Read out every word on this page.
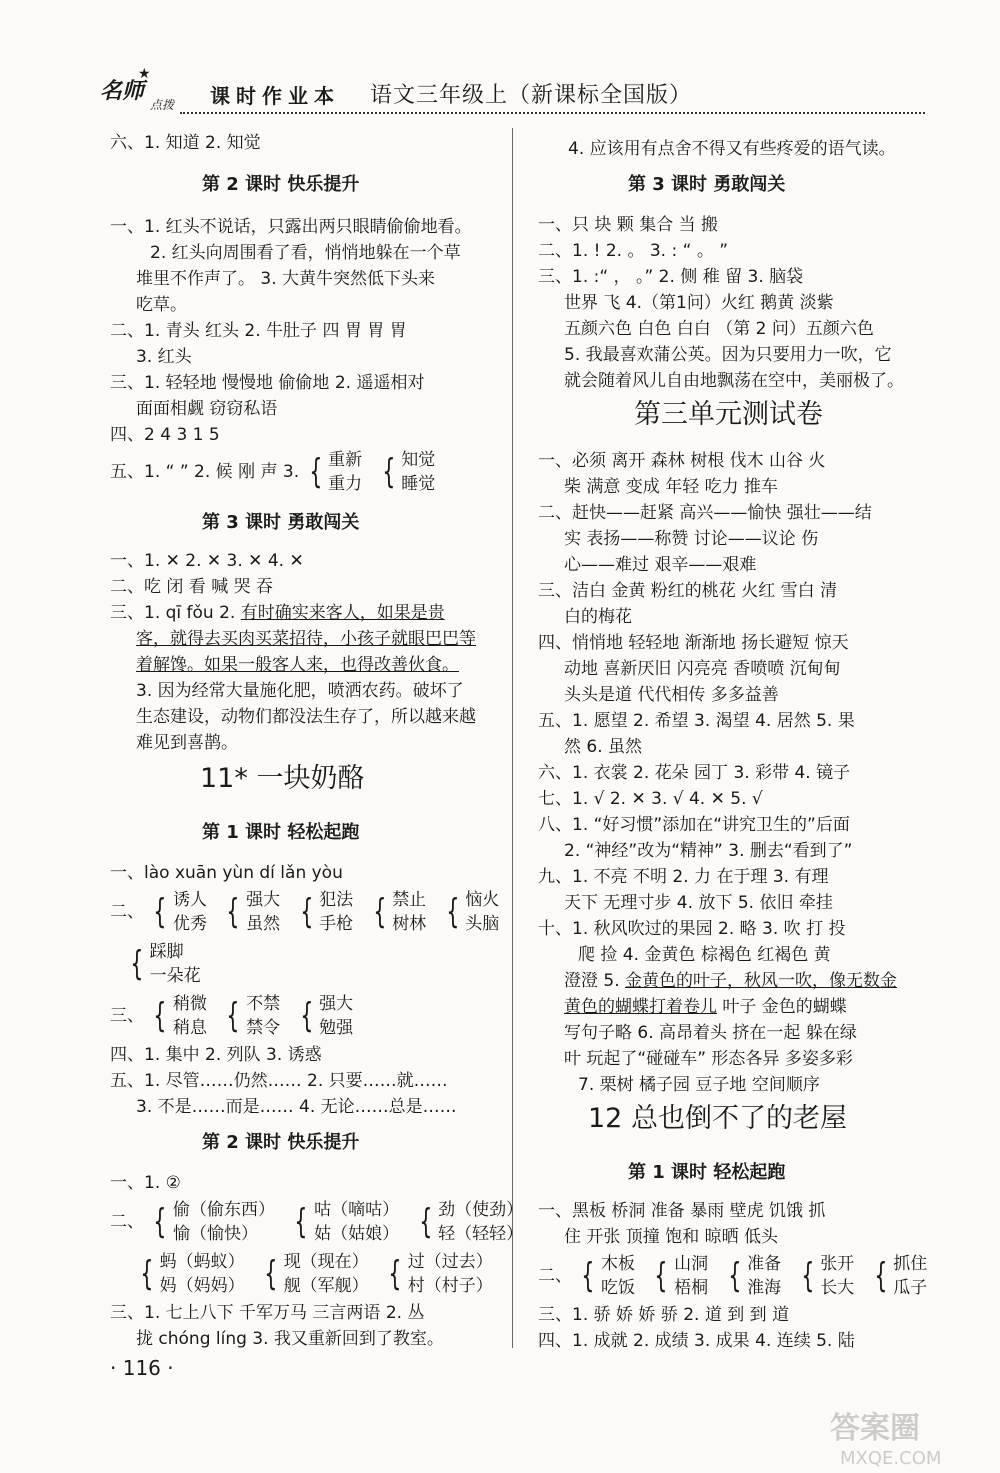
★
名师
点拨 课时作业本 语文三年级上（新课标全国版）
六、1. 知道 2. 知觉
第 2 课时 快乐提升
一、1. 红头不说话，只露出两只眼睛偷偷地看。
2. 红头向周围看了看，悄悄地躲在一个草
堆里不作声了。 3. 大黄牛突然低下头来
吃草。
二、1. 青头 红头 2. 牛肚子 四 胃 胃 胃
3. 红头
三、1. 轻轻地 慢慢地 偷偷地 2. 遥遥相对
面面相觑 窃窃私语
四、2 4 3 1 5
五、1. “ ” 2. 候 刚 声 3. { 重新
重力 { 知觉
睡觉
第 3 课时 勇敢闯关
一、1. ✕ 2. ✕ 3. ✕ 4. ✕
二、吃 闭 看 喊 哭 吞
三、1. qī fǒu 2. 有时确实来客人，如果是贵
客，就得去买肉买菜招待，小孩子就眼巴巴等
着解馋。如果一般客人来，也得改善伙食。
3. 因为经常大量施化肥，喷洒农药。破坏了
生态建设，动物们都没法生存了，所以越来越
难见到喜鹊。
11* 一块奶酪
第 1 课时 轻松起跑
一、lào xuān yùn dí lǎn yòu
二、 { 诱人
优秀 { 强大
虽然 { 犯法
手枪 { 禁止
树林 { 恼火
头脑
{ 踩脚
一朵花
三、 { 稍微
稍息 { 不禁
禁令 { 强大
勉强
四、1. 集中 2. 列队 3. 诱惑
五、1. 尽管……仍然…… 2. 只要……就……
3. 不是……而是…… 4. 无论……总是……
第 2 课时 快乐提升
一、1. ②
二、 { 偷（偷东西）
愉（愉快） { 咕（嘀咕）
姑（姑娘） { 劲（使劲）
轻（轻轻）
{ 蚂（蚂蚁）
妈（妈妈） { 现（现在）
舰（军舰） { 过（过去）
村（村子）
三、1. 七上八下 千军万马 三言两语 2. 丛
拢 chóng líng 3. 我又重新回到了教室。
4. 应该用有点舍不得又有些疼爱的语气读。
第 3 课时 勇敢闯关
一、只 块 颗 集合 当 搬
二、1. ! 2. 。 3. : “ 。 ”
三、1. :“ ， 。” 2. 侧 稚 留 3. 脑袋
世界 飞 4.（第1问）火红 鹅黄 淡紫
五颜六色 白色 白白 （第 2 问）五颜六色
5. 我最喜欢蒲公英。因为只要用力一吹，它
就会随着风儿自由地飘荡在空中，美丽极了。
第三单元测试卷
一、必须 离开 森林 树根 伐木 山谷 火
柴 满意 变成 年轻 吃力 推车
二、赶快——赶紧 高兴——愉快 强壮——结
实 表扬——称赞 讨论——议论 伤
心——难过 艰辛——艰难
三、洁白 金黄 粉红的桃花 火红 雪白 清
白的梅花
四、悄悄地 轻轻地 渐渐地 扬长避短 惊天
动地 喜新厌旧 闪亮亮 香喷喷 沉甸甸
头头是道 代代相传 多多益善
五、1. 愿望 2. 希望 3. 渴望 4. 居然 5. 果
然 6. 虽然
六、1. 衣裳 2. 花朵 园丁 3. 彩带 4. 镜子
七、1. √ 2. ✕ 3. √ 4. ✕ 5. √
八、1. “好习惯”添加在“讲究卫生的”后面
2. “神经”改为“精神” 3. 删去“看到了”
九、1. 不亮 不明 2. 力 在于理 3. 有理
天下 无理寸步 4. 放下 5. 依旧 牵挂
十、1. 秋风吹过的果园 2. 略 3. 吹 打 投
爬 捡 4. 金黄色 棕褐色 红褐色 黄
澄澄 5. 金黄色的叶子，秋风一吹，像无数金
黄色的蝴蝶打着卷儿 叶子 金色的蝴蝶
写句子略 6. 高昂着头 挤在一起 躲在绿
叶 玩起了“碰碰车” 形态各异 多姿多彩
7. 栗树 橘子园 豆子地 空间顺序
12 总也倒不了的老屋
第 1 课时 轻松起跑
一、黑板 桥洞 准备 暴雨 壁虎 饥饿 抓
住 开张 顶撞 饱和 晾晒 低头
二、 { 木板
吃饭 { 山洞
梧桐 { 准备
淮海 { 张开
长大 { 抓住
瓜子
三、1. 骄 娇 娇 骄 2. 道 到 到 道
四、1. 成就 2. 成绩 3. 成果 4. 连续 5. 陆
· 116 ·
答案圈
MXQE.COM
